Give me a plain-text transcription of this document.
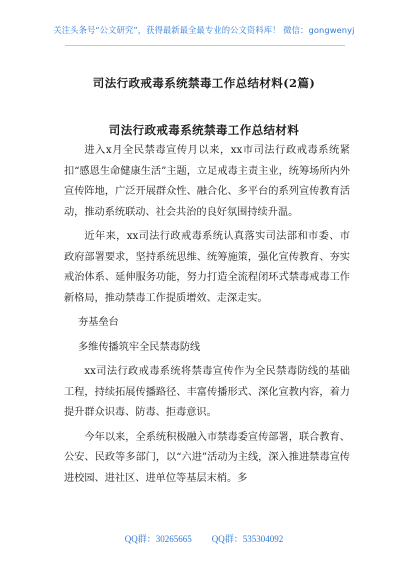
关注头条号“公文研究”，获得最新最全最专业的公文资料库！ 微信：gongwenyj
司法行政戒毒系统禁毒工作总结材料(2篇)
司法行政戒毒系统禁毒工作总结材料

进入x月全民禁毒宣传月以来，xx市司法行政戒毒系统紧扣“感恩生命健康生活”主题，立足戒毒主责主业，统筹场所内外宣传阵地，广泛开展群众性、融合化、多平台的系列宣传教育活动，推动系统联动、社会共治的良好氛围持续升温。

近年来，xx司法行政戒毒系统认真落实司法部和市委、市政府部署要求，坚持系统思维、统筹施策，强化宣传教育、夯实戒治体系、延伸服务功能，努力打造全流程闭环式禁毒戒毒工作新格局，推动禁毒工作提质增效、走深走实。

夯基垒台
多维传播筑牢全民禁毒防线

xx司法行政戒毒系统将禁毒宣传作为全民禁毒防线的基础工程，持续拓展传播路径、丰富传播形式、深化宣教内容，着力提升群众识毒、防毒、拒毒意识。

今年以来，全系统积极融入市禁毒委宣传部署，联合教育、公安、民政等多部门，以“六进”活动为主线，深入推进禁毒宣传进校园、进社区、进单位等基层末梢。多

QQ群：30265665 QQ群：535304092
